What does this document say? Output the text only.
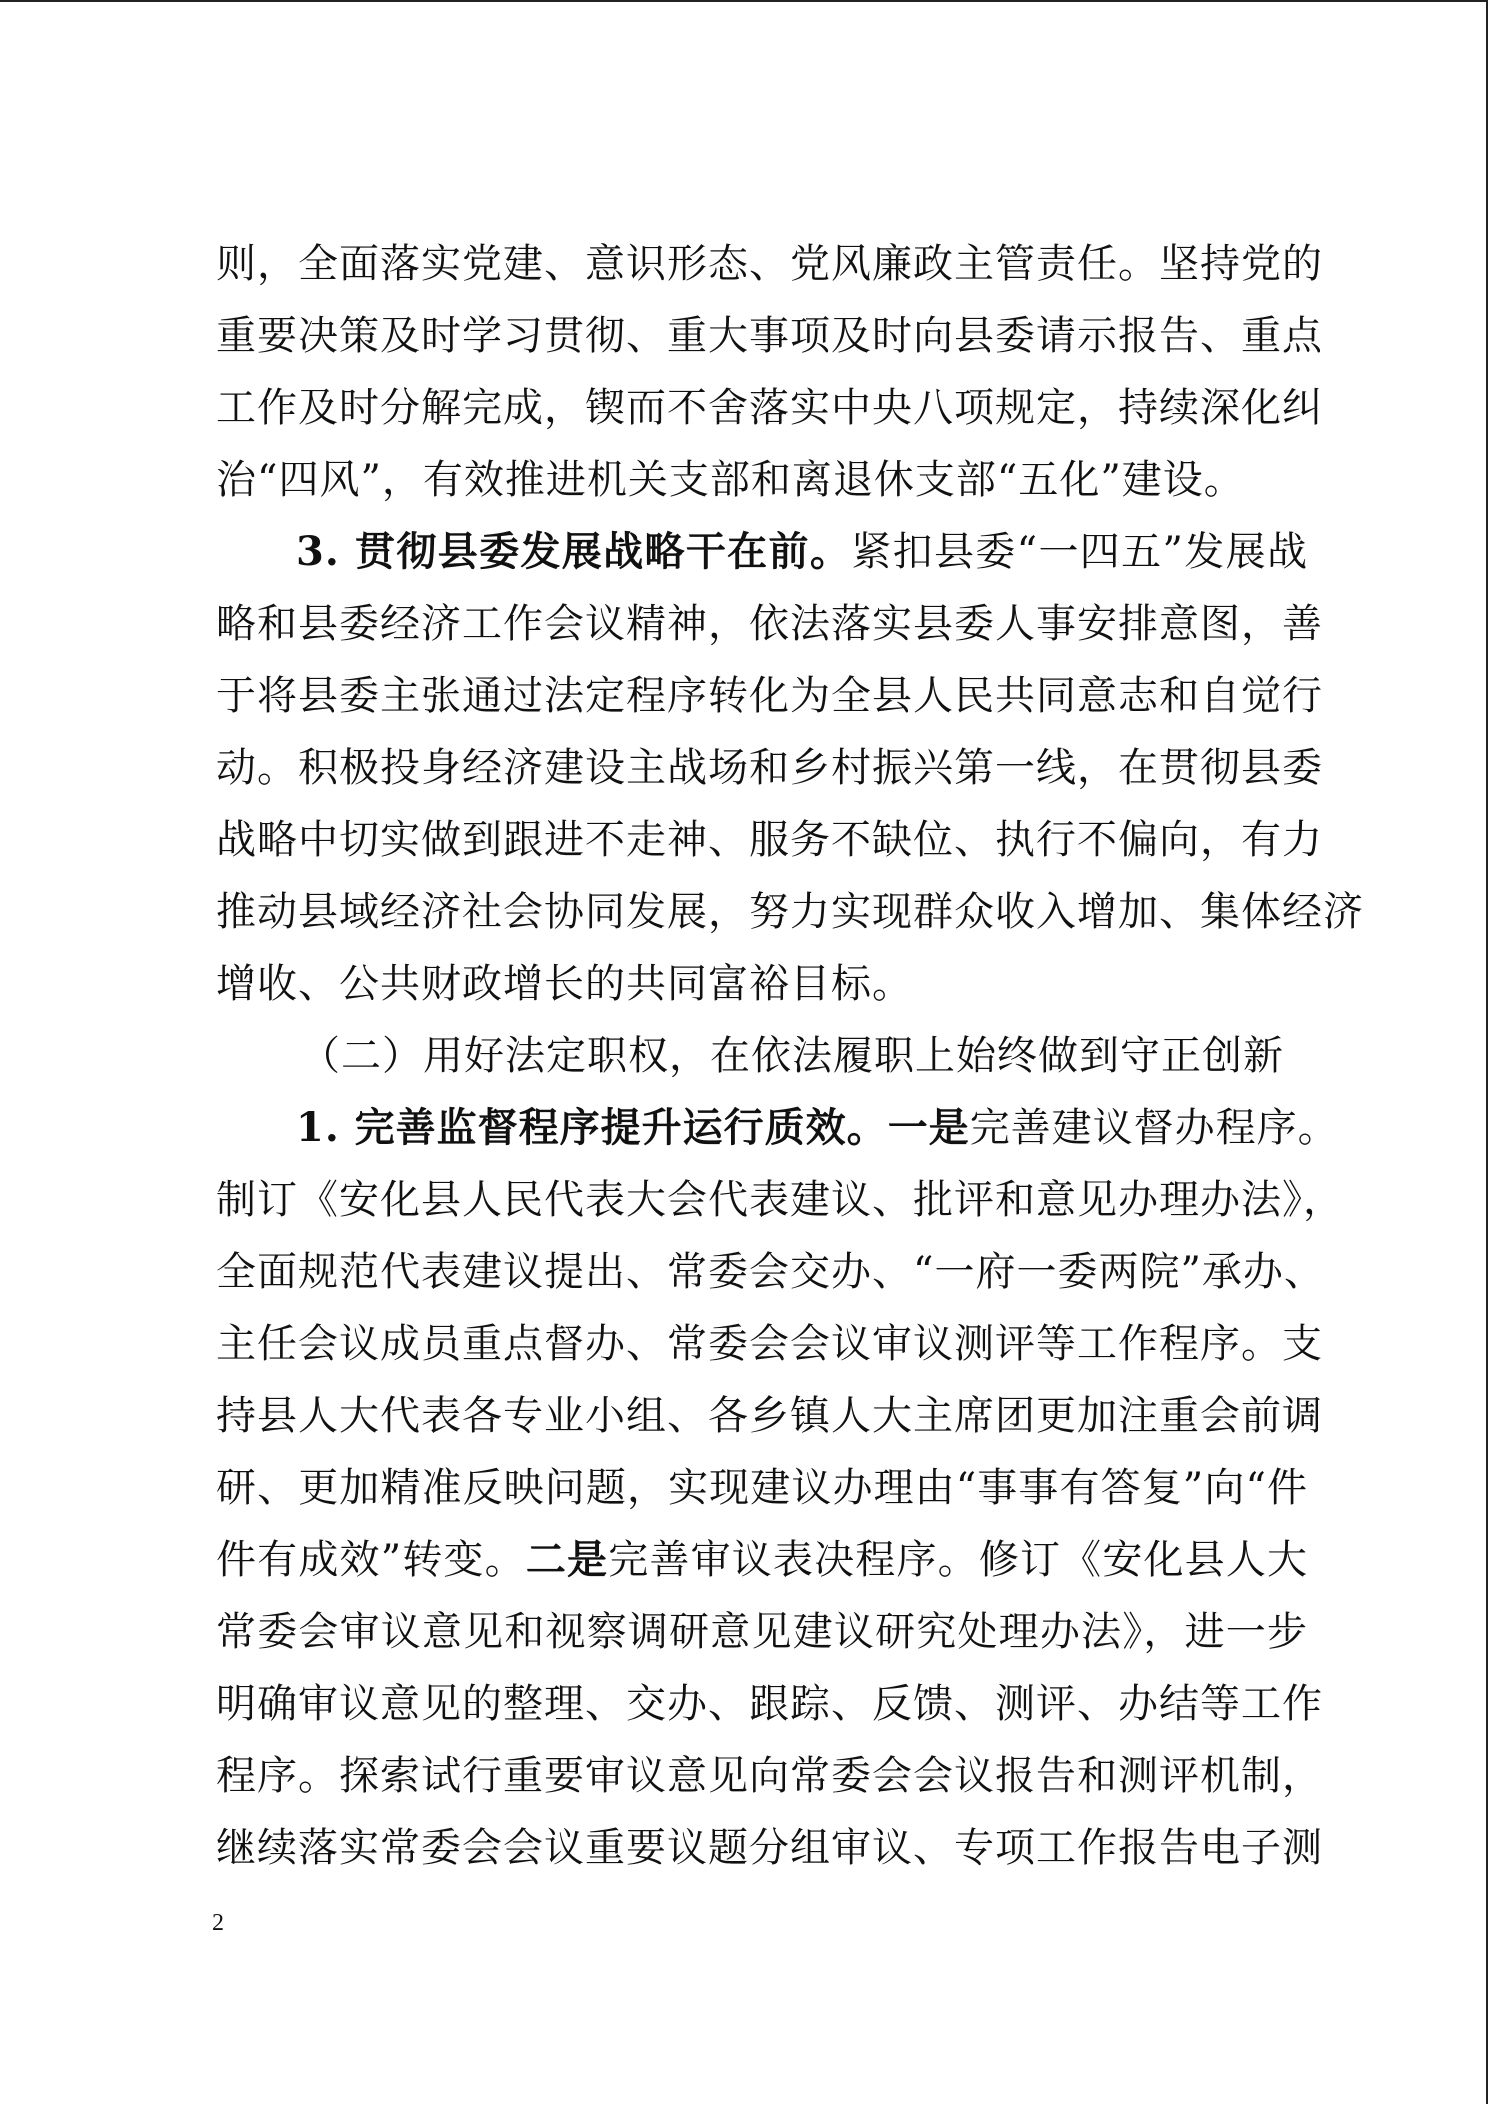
则，全面落实党建、意识形态、党风廉政主管责任。坚持党的
重要决策及时学习贯彻、重大事项及时向县委请示报告、重点
工作及时分解完成，锲而不舍落实中央八项规定，持续深化纠
治“四风”，有效推进机关支部和离退休支部“五化”建设。
3. 贯彻县委发展战略干在前。紧扣县委“一四五”发展战
略和县委经济工作会议精神，依法落实县委人事安排意图，善
于将县委主张通过法定程序转化为全县人民共同意志和自觉行
动。积极投身经济建设主战场和乡村振兴第一线，在贯彻县委
战略中切实做到跟进不走神、服务不缺位、执行不偏向，有力
推动县域经济社会协同发展，努力实现群众收入增加、集体经济
增收、公共财政增长的共同富裕目标。
（二）用好法定职权，在依法履职上始终做到守正创新
1. 完善监督程序提升运行质效。一是完善建议督办程序。
制订《安化县人民代表大会代表建议、批评和意见办理办法》，
全面规范代表建议提出、常委会交办、“一府一委两院”承办、
主任会议成员重点督办、常委会会议审议测评等工作程序。支
持县人大代表各专业小组、各乡镇人大主席团更加注重会前调
研、更加精准反映问题，实现建议办理由“事事有答复”向“件
件有成效”转变。二是完善审议表决程序。修订《安化县人大
常委会审议意见和视察调研意见建议研究处理办法》，进一步
明确审议意见的整理、交办、跟踪、反馈、测评、办结等工作
程序。探索试行重要审议意见向常委会会议报告和测评机制，
继续落实常委会会议重要议题分组审议、专项工作报告电子测
2
